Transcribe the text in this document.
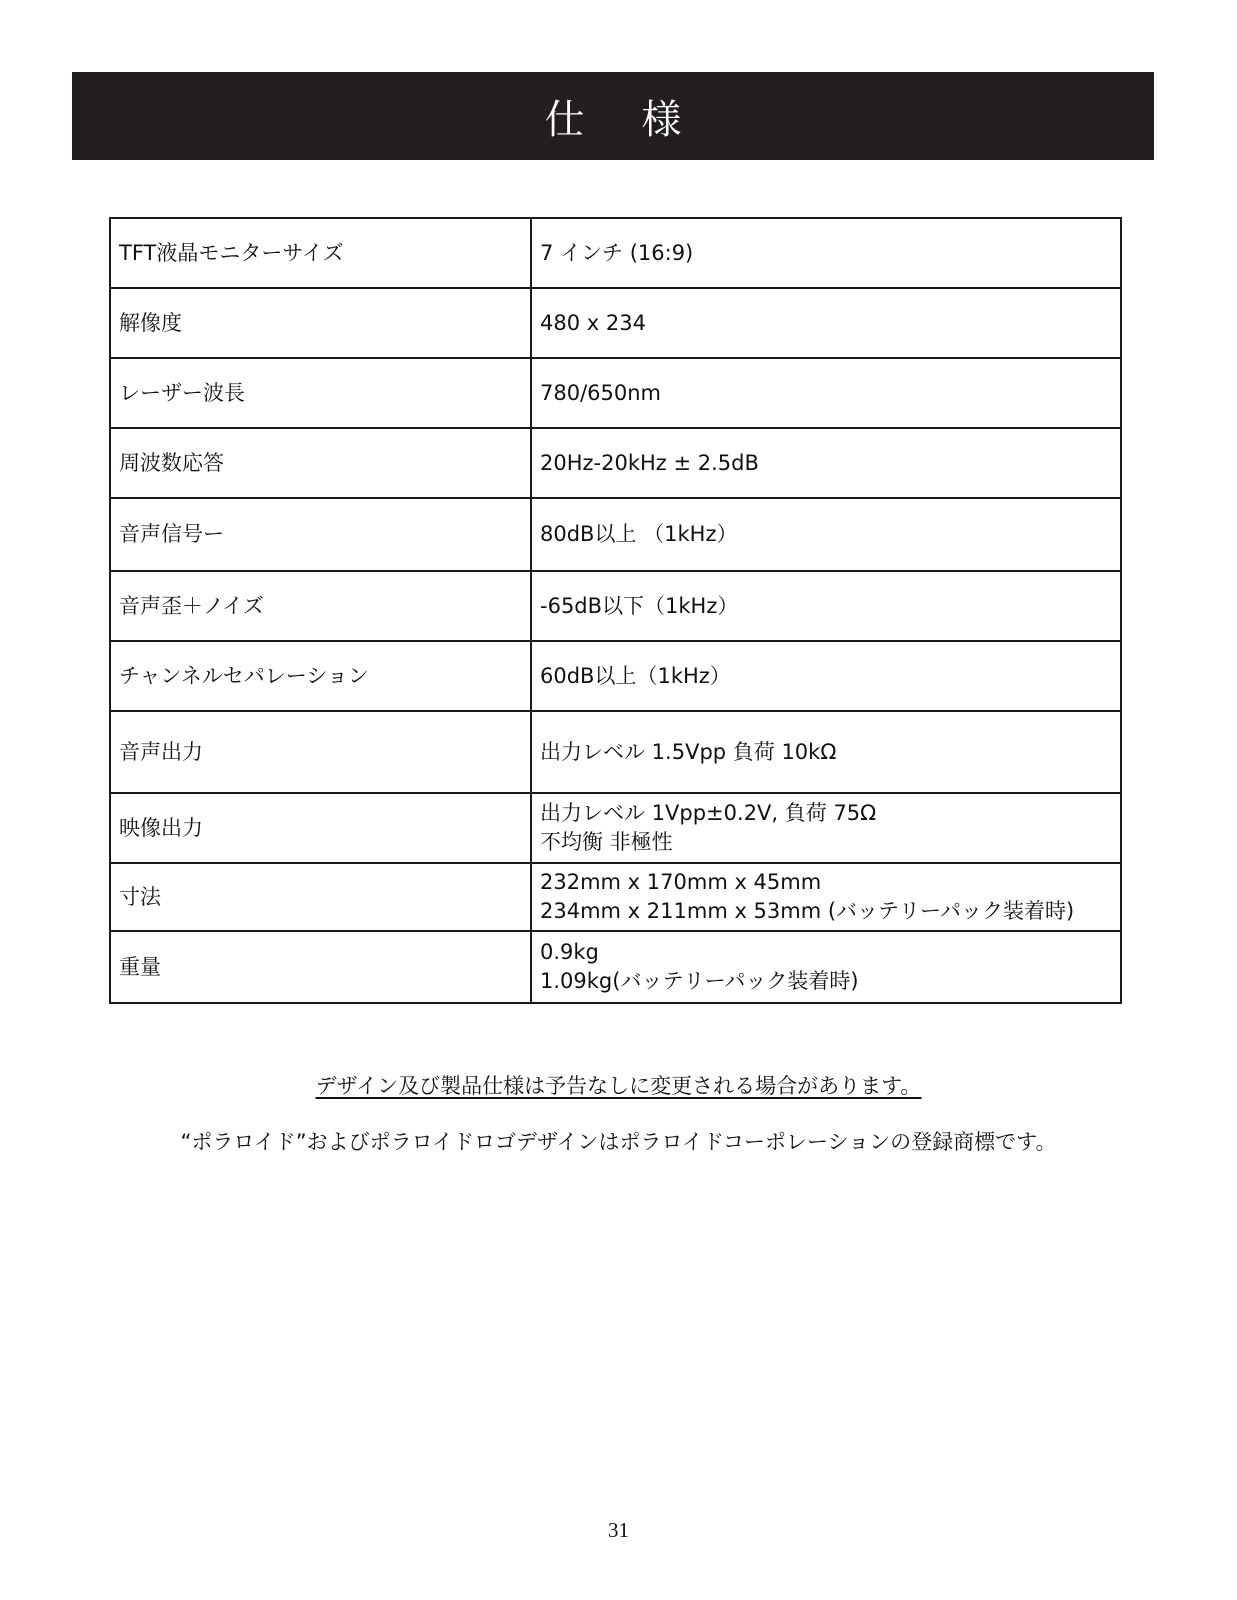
仕 様
TFT液晶モニターサイズ	7 インチ (16:9)

解像度	480 x 234

レーザー波長	780/650nm

周波数応答	20Hz-20kHz ± 2.5dB

音声信号ー	80dB以上 （1kHz）

音声歪＋ノイズ	-65dB以下（1kHz）

チャンネルセパレーション	60dB以上（1kHz）

音声出力	出力レベル 1.5Vpp 負荷 10kΩ

映像出力	出力レベル 1Vpp±0.2V, 負荷 75Ω
不均衡 非極性

寸法	232mm x 170mm x 45mm
234mm x 211mm x 53mm (バッテリーパック装着時)

重量	0.9kg
1.09kg(バッテリーパック装着時)
デザイン及び製品仕様は予告なしに変更される場合があります。
“ポラロイド”およびポラロイドロゴデザインはポラロイドコーポレーションの登録商標です。
31
